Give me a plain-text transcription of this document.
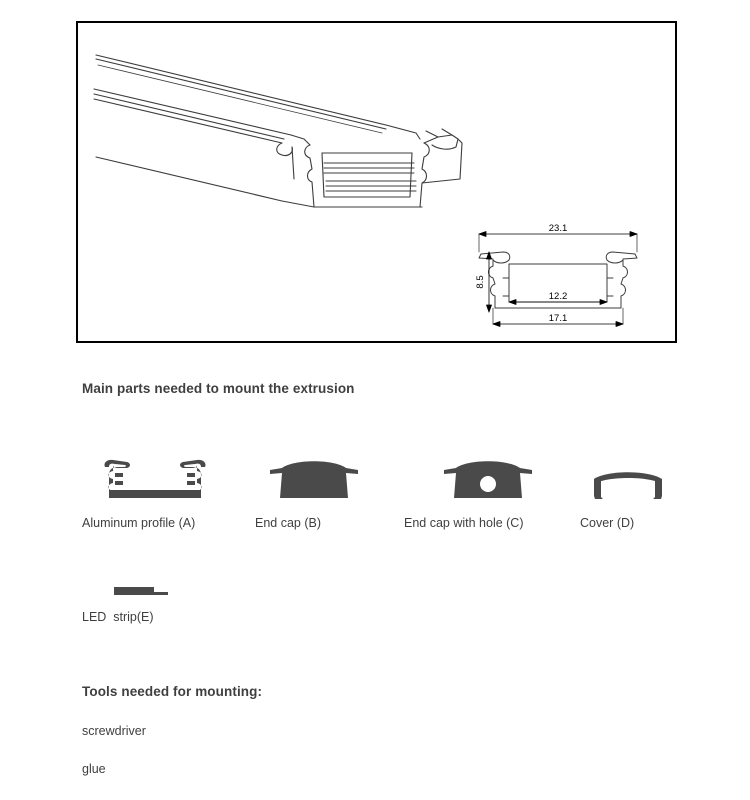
23.1
8.5
12.2
17.1
Main parts needed to mount the extrusion
Aluminum profile (A)	End cap (B)	End cap with hole (C)	Cover (D)
LED  strip(E)
Tools needed for mounting:
screwdriver
glue
